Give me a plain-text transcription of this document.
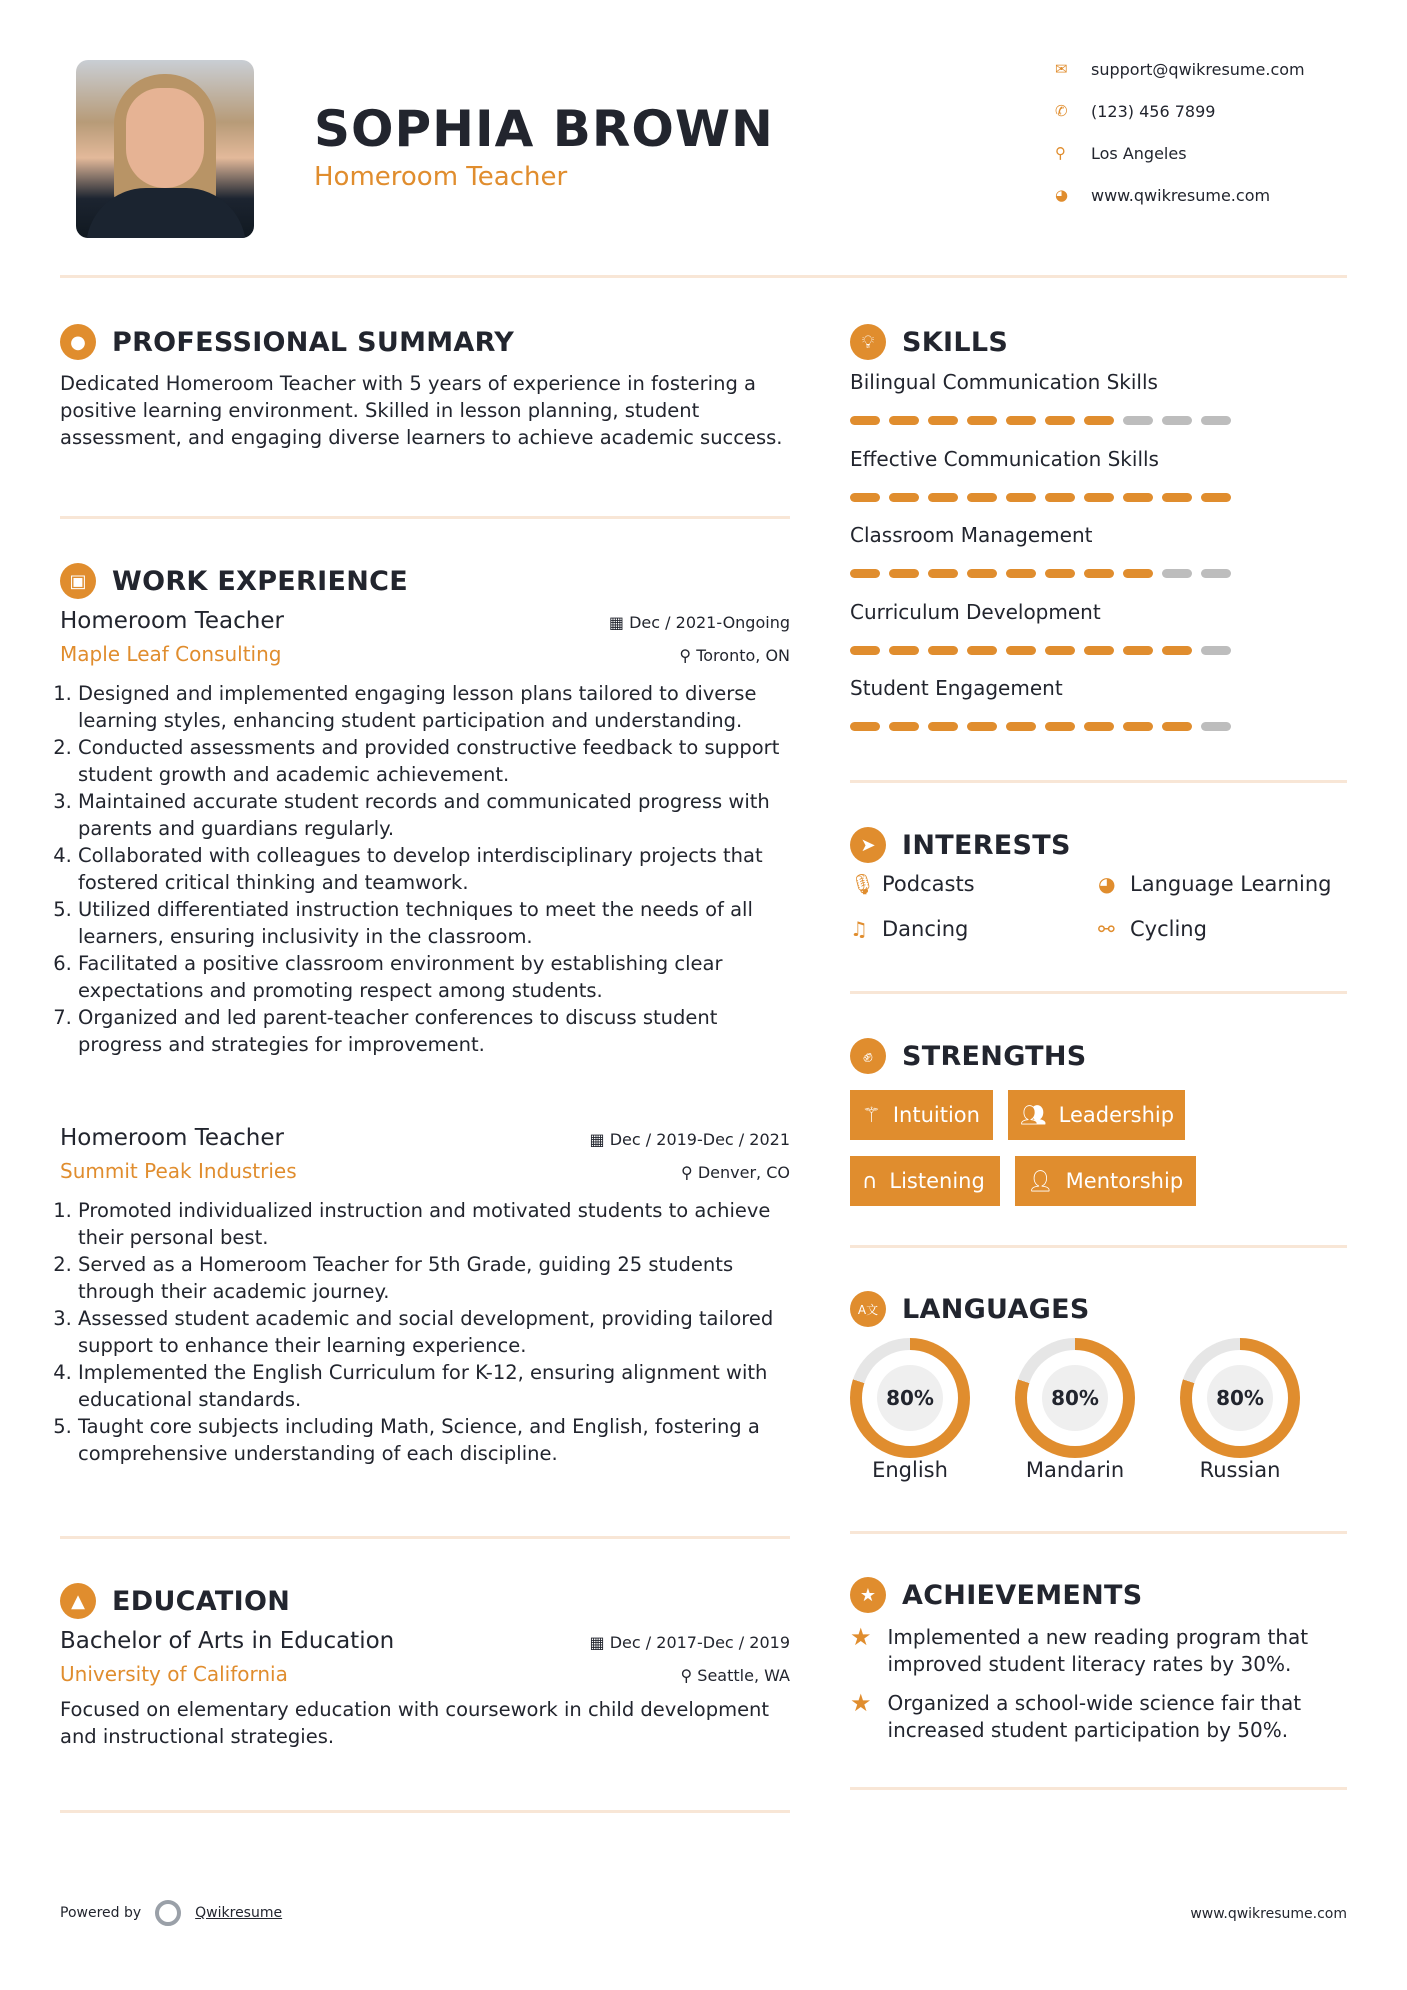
SOPHIA BROWN
Homeroom Teacher
✉	support@qwikresume.com
✆	(123) 456 7899
⚲	Los Angeles
◕	www.qwikresume.com
● PROFESSIONAL SUMMARY
Dedicated Homeroom Teacher with 5 years of experience in fostering a positive learning environment. Skilled in lesson planning, student assessment, and engaging diverse learners to achieve academic success.
▣ WORK EXPERIENCE
Homeroom Teacher	▦ Dec / 2021-Ongoing
Maple Leaf Consulting	⚲ Toronto, ON
1. Designed and implemented engaging lesson plans tailored to diverse learning styles, enhancing student participation and understanding.
2. Conducted assessments and provided constructive feedback to support student growth and academic achievement.
3. Maintained accurate student records and communicated progress with parents and guardians regularly.
4. Collaborated with colleagues to develop interdisciplinary projects that fostered critical thinking and teamwork.
5. Utilized differentiated instruction techniques to meet the needs of all learners, ensuring inclusivity in the classroom.
6. Facilitated a positive classroom environment by establishing clear expectations and promoting respect among students.
7. Organized and led parent-teacher conferences to discuss student progress and strategies for improvement.
Homeroom Teacher	▦ Dec / 2019-Dec / 2021
Summit Peak Industries	⚲ Denver, CO
1. Promoted individualized instruction and motivated students to achieve their personal best.
2. Served as a Homeroom Teacher for 5th Grade, guiding 25 students through their academic journey.
3. Assessed student academic and social development, providing tailored support to enhance their learning experience.
4. Implemented the English Curriculum for K-12, ensuring alignment with educational standards.
5. Taught core subjects including Math, Science, and English, fostering a comprehensive understanding of each discipline.
▲	EDUCATION
Bachelor of Arts in Education	▦ Dec / 2017-Dec / 2019
University of California	⚲ Seattle, WA
Focused on elementary education with coursework in child development and instructional strategies.
💡︎	SKILLS
Bilingual Communication Skills
Effective Communication Skills
Classroom Management
Curriculum Development
Student Engagement
➤ INTERESTS
🎙︎ Podcasts	◕ Language Learning
♫ Dancing	⚯ Cycling
✊︎	STRENGTHS
⚚ Intuition 👥︎ Leadership
∩ Listening 👤︎ Mentorship
A文 LANGUAGES
80%
English
80%
Mandarin
80%
Russian
★ ACHIEVEMENTS
★ Implemented a new reading program that improved student literacy rates by 30%.
★ Organized a school-wide science fair that increased student participation by 50%.
Powered by	Qwikresume	www.qwikresume.com
